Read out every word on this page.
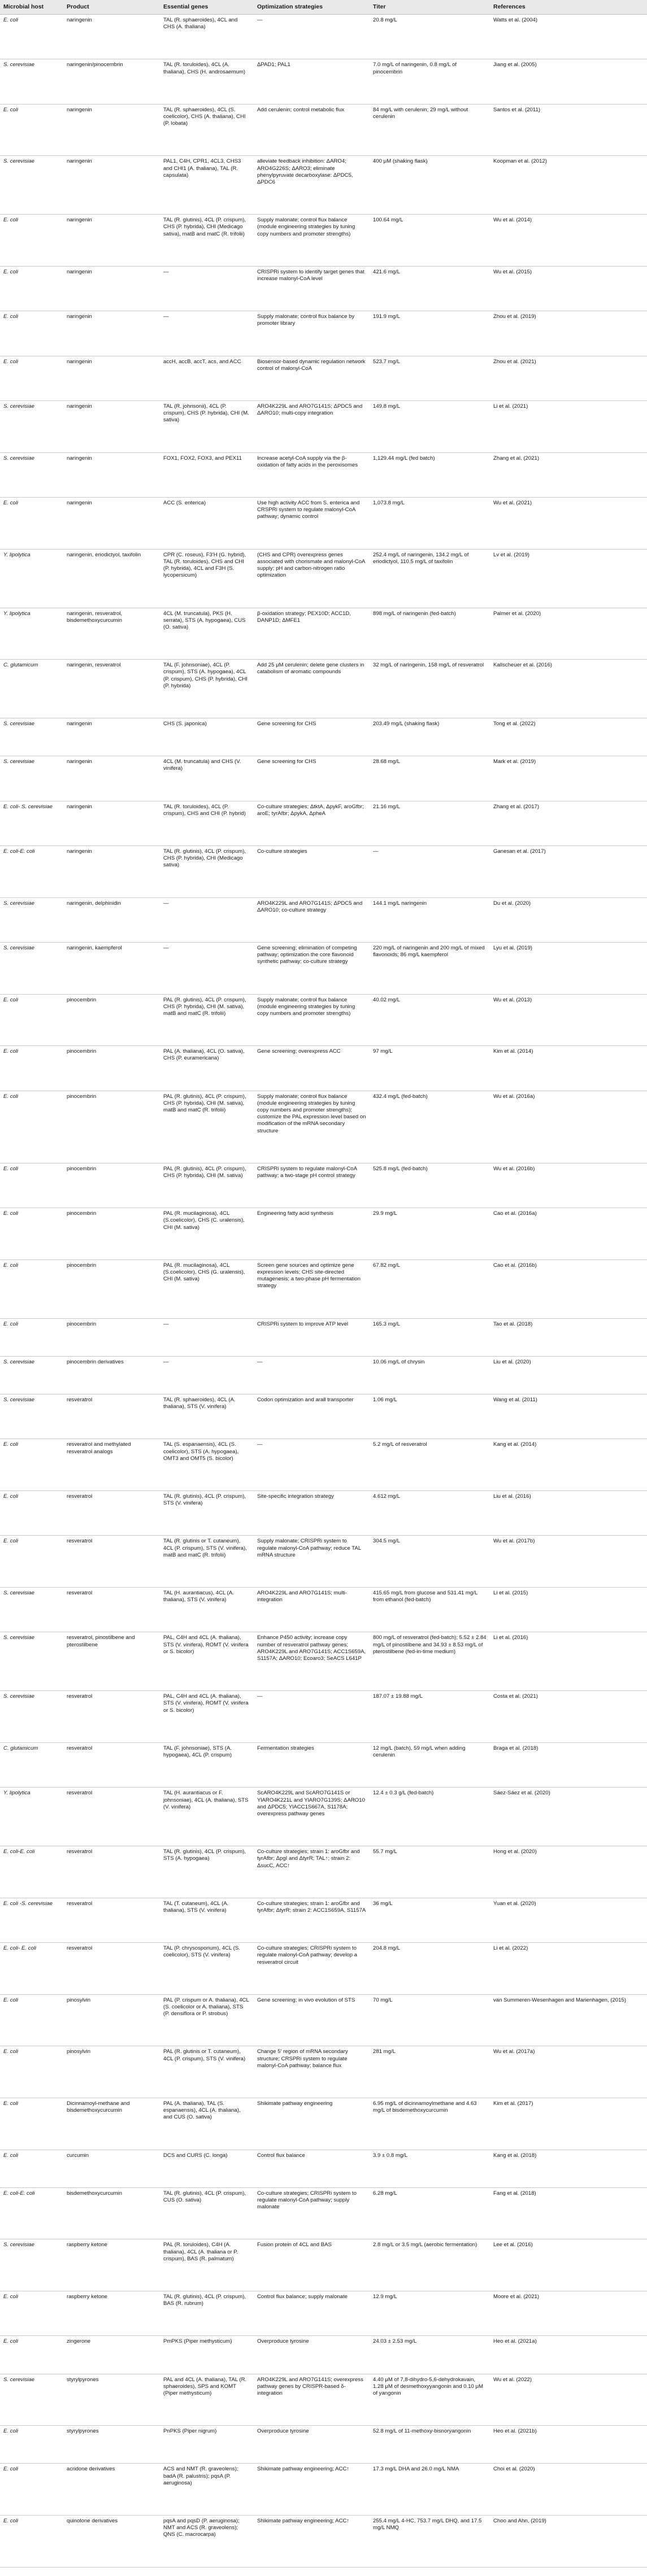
Microbial host	Product	Essential genes	Optimization strategies	Titer	References
E. coli	naringenin	TAL (R. sphaeroides), 4CL and CHS (A. thaliana)	—	20.8 mg/L	Watts et al. (2004)
S. cerevisiae	naringenin/pinocembrin	TAL (R. toruloides), 4CL (A. thaliana), CHS (H. androsaemum)	ΔPAD1; PAL1	7.0 mg/L of naringenin, 0.8 mg/L of pinocembrin	Jiang et al. (2005)
E. coli	naringenin	TAL (R. sphaeroides), 4CL (S. coelicolor), CHS (A. thaliana), CHI (P. lobata)	Add cerulenin; control metabolic flux	84 mg/L with cerulenin; 29 mg/L without cerulenin	Santos et al. (2011)
S. cerevisiae	naringenin	PAL1, C4H, CPR1, 4CL3, CHS3 and CHI1 (A. thaliana), TAL (R. capsulata)	alleviate feedback inhibition: ΔARO4; ARO4G226S; ΔARO3; eliminate phenylpyruvate decarboxylase: ΔPDC5, ΔPDC6	400 μM (shaking flask)	Koopman et al. (2012)
E. coli	naringenin	TAL (R. glutinis), 4CL (P. crispum), CHS (P. hybrida), CHI (Medicago sativa), matB and matC (R. trifolii)	Supply malonate; control flux balance (module engineering strategies by tuning copy numbers and promoter strengths)	100.64 mg/L	Wu et al. (2014)
E. coli	naringenin	—	CRISPRi system to identify target genes that increase malonyl-CoA level	421.6 mg/L	Wu et al. (2015)
E. coli	naringenin	—	Supply malonate; control flux balance by promoter library	191.9 mg/L	Zhou et al. (2019)
E. coli	naringenin	accH, accB, accT, acs, and ACC	Biosensor-based dynamic regulation network control of malonyl-CoA	523.7 mg/L	Zhou et al. (2021)
S. cerevisiae	naringenin	TAL (R. johnsonii), 4CL (P. crispum), CHS (P. hybrida), CHI (M. sativa)	ARO4K229L and ARO7G141S; ΔPDC5 and ΔARO10; multi-copy integration	149.8 mg/L	Li et al. (2021)
S. cerevisiae	naringenin	FOX1, FOX2, FOX3, and PEX11	Increase acetyl-CoA supply via the β-oxidation of fatty acids in the peroxisomes	1,129.44 mg/L (fed batch)	Zhang et al. (2021)
E. coli	naringenin	ACC (S. enterica)	Use high activity ACC from S. enterica and CRSPRi system to regulate malonyl-CoA pathway; dynamic control	1,073.8 mg/L	Wu et al. (2021)
Y. lipolytica	naringenin, eriodictyol, taxifolin	CPR (C. roseus), F3′H (G. hybrid), TAL (R. toruloides), CHS and CHI (P. hybrida), 4CL and F3H (S. lycopersicum)	(CHS and CPR) overexpress genes associated with chorismate and malonyl-CoA supply; pH and carbon-nitrogen ratio optimization	252.4 mg/L of naringenin, 134.2 mg/L of eriodictyol, 110.5 mg/L of taxifolin	Lv et al. (2019)
Y. lipolytica	naringenin, resveratrol, bisdemethoxycurcumin	4CL (M. truncatula), PKS (H. serrata), STS (A. hypogaea), CUS (O. sativa)	β-oxidation strategy; PEX10D; ACC1D, DANP1D; ΔMFE1	898 mg/L of naringenin (fed-batch)	Palmer et al. (2020)
C. glutamicum	naringenin, resveratrol	TAL (F. johnsoniae), 4CL (P. crispum), STS (A. hypogaea), 4CL (P. crispum), CHS (P. hybrida), CHI (P. hybrida)	Add 25 μM cerulenin; delete gene clusters in catabolism of aromatic compounds	32 mg/L of naringenin, 158 mg/L of resveratrol	Kallscheuer et al. (2016)
S. cerevisiae	naringenin	CHS (S. japonica)	Gene screening for CHS	203.49 mg/L (shaking flask)	Tong et al. (2022)
S. cerevisiae	naringenin	4CL (M. truncatula) and CHS (V. vinifera)	Gene screening for CHS	28.68 mg/L	Mark et al. (2019)
E. coli- S. cerevisiae	naringenin	TAL (R. toruloides), 4CL (P. crispum), CHS and CHI (P. hybrid)	Co-culture strategies; ΔtktA, ΔpykF, aroGfbr; aroE; tyrAfbr; ΔpykA, ΔpheA	21.16 mg/L	Zhang et al. (2017)
E. coli-E. coli	naringenin	TAL (R. glutinis), 4CL (P. crispum), CHS (P. hybrida), CHI (Medicago sativa)	Co-culture strategies	—	Ganesan et al. (2017)
S. cerevisiae	naringenin, delphinidin	—	ARO4K229L and ARO7G141S; ΔPDC5 and ΔARO10; co-culture strategy	144.1 mg/L naringenin	Du et al. (2020)
S. cerevisiae	naringenin, kaempferol	—	Gene screening; elimination of competing pathway; optimization the core flavonoid synthetic pathway; co-culture strategy	220 mg/L of naringenin and 200 mg/L of mixed flavonoids; 86 mg/L kaempferol	Lyu et al. (2019)
E. coli	pinocembrin	PAL (R. glutinis), 4CL (P. crispum), CHS (P. hybrida), CHI (M. sativa), matB and matC (R. trifolii)	Supply malonate; control flux balance (module engineering strategies by tuning copy numbers and promoter strengths)	40.02 mg/L	Wu et al. (2013)
E. coli	pinocembrin	PAL (A. thaliana), 4CL (O. sativa), CHS (P. euramericana)	Gene screening; overexpress ACC	97 mg/L	Kim et al. (2014)
E. coli	pinocembrin	PAL (R. glutinis), 4CL (P. crispum), CHS (P. hybrida), CHI (M. sativa), matB and matC (R. trifolii)	Supply malonate; control flux balance (module engineering strategies by tuning copy numbers and promoter strengths); customize the PAL expression level based on modification of the mRNA secondary structure	432.4 mg/L (fed-batch)	Wu et al. (2016a)
E. coli	pinocembrin	PAL (R. glutinis), 4CL (P. crispum), CHS (P. hybrida), CHI (M. sativa)	CRISPRi system to regulate malonyl-CoA pathway; a two-stage pH control strategy	525.8 mg/L (fed-batch)	Wu et al. (2016b)
E. coli	pinocembrin	PAL (R. mucilaginosa), 4CL (S.coelicolor), CHS (C. uralensis), CHI (M. sativa)	Engineering fatty acid synthesis	29.9 mg/L	Cao et al. (2016a)
E. coli	pinocembrin	PAL (R. mucilaginosa), 4CL (S.coelicolor), CHS (G. uralensis), CHI (M. sativa)	Screen gene sources and optimize gene expression levels; CHS site-directed mutagenesis; a two-phase pH fermentation strategy	67.82 mg/L	Cao et al. (2016b)
E. coli	pinocembrin	—	CRISPRi system to improve ATP level	165.3 mg/L	Tao et al. (2018)
S. cerevisiae	pinocembrin derivatives	—	—	10.06 mg/L of chrysin	Liu et al. (2020)
S. cerevisiae	resveratrol	TAL (R. sphaeroides), 4CL (A. thaliana), STS (V. vinifera)	Codon optimization and arall transporter	1.06 mg/L	Wang et al. (2011)
E. coli	resveratrol and methylated resveratrol analogs	TAL (S. espanaensis), 4CL (S. coelicolor), STS (A. hypogaea), OMT3 and OMT5 (S. bicolor)	—	5.2 mg/L of resveratrol	Kang et al. (2014)
E. coli	resveratrol	TAL (R. glutinis), 4CL (P. crispum), STS (V. vinifera)	Site-specific integration strategy	4.612 mg/L	Liu et al. (2016)
E. coli	resveratrol	TAL (R. glutinis or T. cutaneum), 4CL (P. crispum), STS (V. vinifera), matB and matC (R. trifolii)	Supply malonate; CRISPRi system to regulate malonyl-CoA pathway; reduce TAL mRNA structure	304.5 mg/L	Wu et al. (2017b)
S. cerevisiae	resveratrol	TAL (H. aurantiacus), 4CL (A. thaliana), STS (V. vinifera)	ARO4K229L and ARO7G141S; multi-integration	415.65 mg/L from glucose and 531.41 mg/L from ethanol (fed-batch)	Li et al. (2015)
S. cerevisiae	resveratrol, pinostilbene and pterostilbene	PAL, C4H and 4CL (A. thaliana), STS (V. vinifera), ROMT (V. vinifera or S. bicolor)	Enhance P450 activity; increase copy number of resveratrol pathway genes; ARO4K229L and ARO7G141S; ACC1S659A, S1157A; ΔARO10; Ecoaro3; SeACS L641P	800 mg/L of resveratrol (fed-batch); 5.52 ± 2.84 mg/L of pinostilbene and 34.93 ± 8.53 mg/L of pterostilbene (fed-in-time medium)	Li et al. (2016)
S. cerevisiae	resveratrol	PAL, C4H and 4CL (A. thaliana), STS (V. vinifera), ROMT (V. vinifera or S. bicolor)	—	187.07 ± 19.88 mg/L	Costa et al. (2021)
C. glutamicum	resveratrol	TAL (F. johnsoniae), STS (A. hypogaea), 4CL (P. crispum)	Fermentation strategies	12 mg/L (batch), 59 mg/L when adding cerulenin	Braga et al. (2018)
Y. lipolytica	resveratrol	TAL (H. aurantiacus or F. johnsoniae), 4CL (A. thaliana), STS (V. vinifera)	ScARO4K229L and ScARO7G141S or YlARO4K221L and YlARO7G139S; ΔARO10 and ΔPDC5; YlACC1S667A, S1178A; overexpress pathway genes	12.4 ± 0.3 g/L (fed-batch)	Sáez-Sáez et al. (2020)
E. coli-E. coli	resveratrol	TAL (R. glutinis), 4CL (P. crispum), STS (A. hypogaea)	Co-culture strategies; strain 1: aroGfbr and tyrAfbr; ΔpgI and ΔtyrR; TAL↑; strain 2: ΔsucC, ACC↑	55.7 mg/L	Hong et al. (2020)
E. coli -S. cerevisiae	resveratrol	TAL (T. cutaneum), 4CL (A. thaliana), STS (V. vinifera)	Co-culture strategies; strain 1: aroGfbr and tyrAfbr; ΔtyrR; strain 2: ACC1S659A, S1157A	36 mg/L	Yuan et al. (2020)
E. coli- E. coli	resveratrol	TAL (P. chrysosporium), 4CL (S. coelicolor), STS (V. vinifera)	Co-culture strategies; CRISPRi system to regulate malonyl-CoA pathway; develop a resveratrol circuit	204.8 mg/L	Li et al. (2022)
E. coli	pinosylvin	PAL (P. crispum or A. thaliana), 4CL (S. coelicolor or A. thaliana), STS (P. densiflora or P. strobus)	Gene screening; in vivo evolution of STS	70 mg/L	van Summeren-Wesenhagen and Marienhagen, (2015)
E. coli	pinosylvin	PAL (R. glutinis or T. cutaneum), 4CL (P. crispum), STS (V. vinifera)	Change 5′ region of mRNA secondary structure; CRSPRi system to regulate malonyl-CoA pathway; balance flux	281 mg/L	Wu et al. (2017a)
E. coli	Dicinnamoyl-methane and bisdemethoxycurcumin	PAL (A. thaliana), TAL (S. espanaensis), 4CL (A. thaliana), and CUS (O. sativa)	Shikimate pathway engineering	6.95 mg/L of dicinnamoylmethane and 4.63 mg/L of bisdemethoxycurcumin	Kim et al. (2017)
E. coli	curcumin	DCS and CURS (C. longa)	Control flux balance	3.9 ± 0.8 mg/L	Kang et al. (2018)
E. coli-E. coli	bisdemethoxycurcumin	TAL (R. glutinis), 4CL (P. crispum), CUS (O. sativa)	Co-culture strategies; CRISPRi system to regulate malonyl-CoA pathway; supply malonate	6.28 mg/L	Fang et al. (2018)
S. cerevisiae	raspberry ketone	PAL (R. toruloides), C4H (A. thaliana), 4CL (A. thaliana or P. crispum), BAS (R. palmatum)	Fusion protein of 4CL and BAS	2.8 mg/L or 3.5 mg/L (aerobic fermentation)	Lee et al. (2016)
E. coli	raspberry ketone	TAL (R. glutinis), 4CL (P. crispum), BAS (R. rubrum)	Control flux balance; supply malonate	12.9 mg/L	Moore et al. (2021)
E. coli	zingerone	PmPKS (Piper methysticum)	Overproduce tyrosine	24.03 ± 2.53 mg/L	Heo et al. (2021a)
S. cerevisiae	styrylpyrones	PAL and 4CL (A. thaliana), TAL (R. sphaeroides), SPS and KOMT (Piper methysticum)	ARO4K229L and ARO7G141S; overexpress pathway genes by CRISPR-based δ-integration	4.40 μM of 7,8-dihydro-5,6-dehydrokavain, 1.28 μM of desmethoxyyangonin and 0.10 μM of yangonin	Wu et al. (2022)
E. coli	styrylpyrones	PnPKS (Piper nigrum)	Overproduce tyrosine	52.8 mg/L of 11-methoxy-bisnoryangonin	Heo et al. (2021b)
E. coli	acridone derivatives	ACS and NMT (R. graveolens); badA (R. palustris); pqsA (P. aeruginosa)	Shikimate pathway engineering; ACC↑	17.3 mg/L DHA and 26.0 mg/L NMA	Choi et al. (2020)
E. coli	quinolone derivatives	pqsA and pqsD (P. aeruginosa); NMT and ACS (R. graveolens); QNS (C. macrocarpa)	Shikimate pathway engineering; ACC↑	255.4 mg/L 4-HC, 753.7 mg/L DHQ, and 17.5 mg/L NMQ	Choo and Ahn, (2019)
